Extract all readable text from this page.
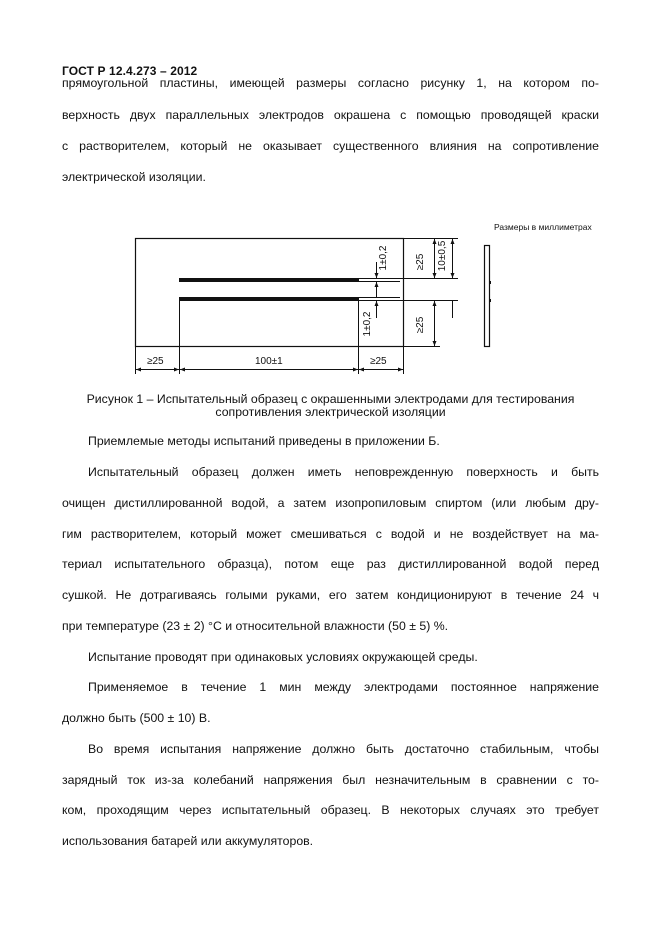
ГОСТ Р 12.4.273 – 2012
прямоугольной пластины, имеющей размеры согласно рисунку 1, на котором по-
верхность двух параллельных электродов окрашена с помощью проводящей краски
с растворителем, который не оказывает существенного влияния на сопротивление
электрической изоляции.
Размеры в миллиметрах
≥25	100±1	≥25
1±0,2
1±0,2
≥25
≥25
10±0,5
Рисунок 1 – Испытательный образец с окрашенными электродами для тестирования
сопротивления электрической изоляции
Приемлемые методы испытаний приведены в приложении Б.
Испытательный образец должен иметь неповрежденную поверхность и быть
очищен дистиллированной водой, а затем изопропиловым спиртом (или любым дру-
гим растворителем, который может смешиваться с водой и не воздействует на ма-
териал испытательного образца), потом еще раз дистиллированной водой перед
сушкой. Не дотрагиваясь голыми руками, его затем кондиционируют в течение 24 ч
при температуре (23 ± 2) °C и относительной влажности (50 ± 5) %.
Испытание проводят при одинаковых условиях окружающей среды.
Применяемое в течение 1 мин между электродами постоянное напряжение
должно быть (500 ± 10) В.
Во время испытания напряжение должно быть достаточно стабильным, чтобы
зарядный ток из-за колебаний напряжения был незначительным в сравнении с то-
ком, проходящим через испытательный образец. В некоторых случаях это требует
использования батарей или аккумуляторов.
